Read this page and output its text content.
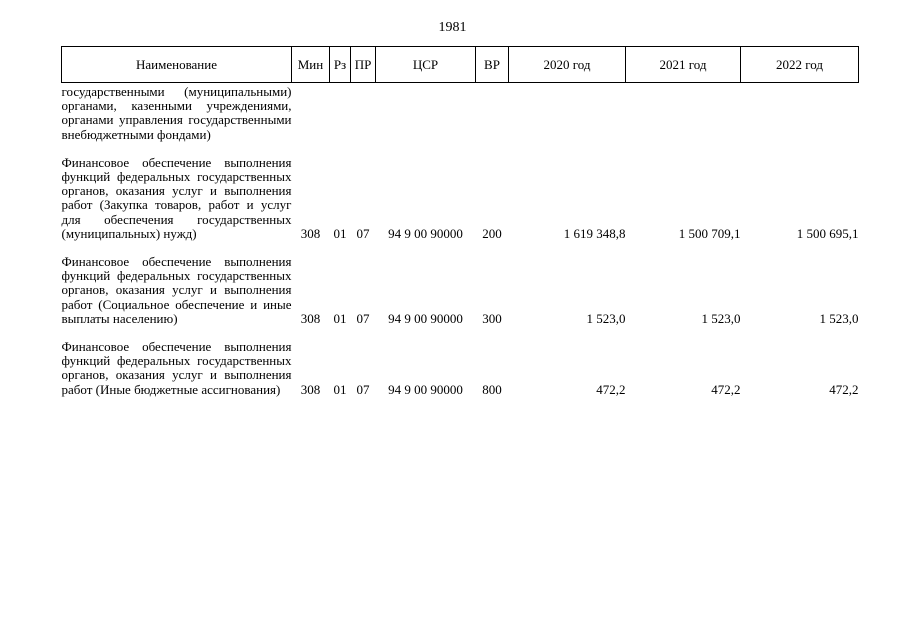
1981
Наименование	Мин	Рз	ПР	ЦСР	ВР	2020 год	2021 год	2022 год
государственными (муниципальными) органами, казенными учреждениями, органами управления государственными внебюджетными фондами)								
Финансовое обеспечение выполнения функций федеральных государственных органов, оказания услуг и выполнения работ (Закупка товаров, работ и услуг для обеспечения государственных (муниципальных) нужд)	308	01	07	94 9 00 90000	200	1 619 348,8	1 500 709,1	1 500 695,1
Финансовое обеспечение выполнения функций федеральных государственных органов, оказания услуг и выполнения работ (Социальное обеспечение и иные выплаты населению)	308	01	07	94 9 00 90000	300	1 523,0	1 523,0	1 523,0
Финансовое обеспечение выполнения функций федеральных государственных органов, оказания услуг и выполнения работ (Иные бюджетные ассигнования)	308	01	07	94 9 00 90000	800	472,2	472,2	472,2
